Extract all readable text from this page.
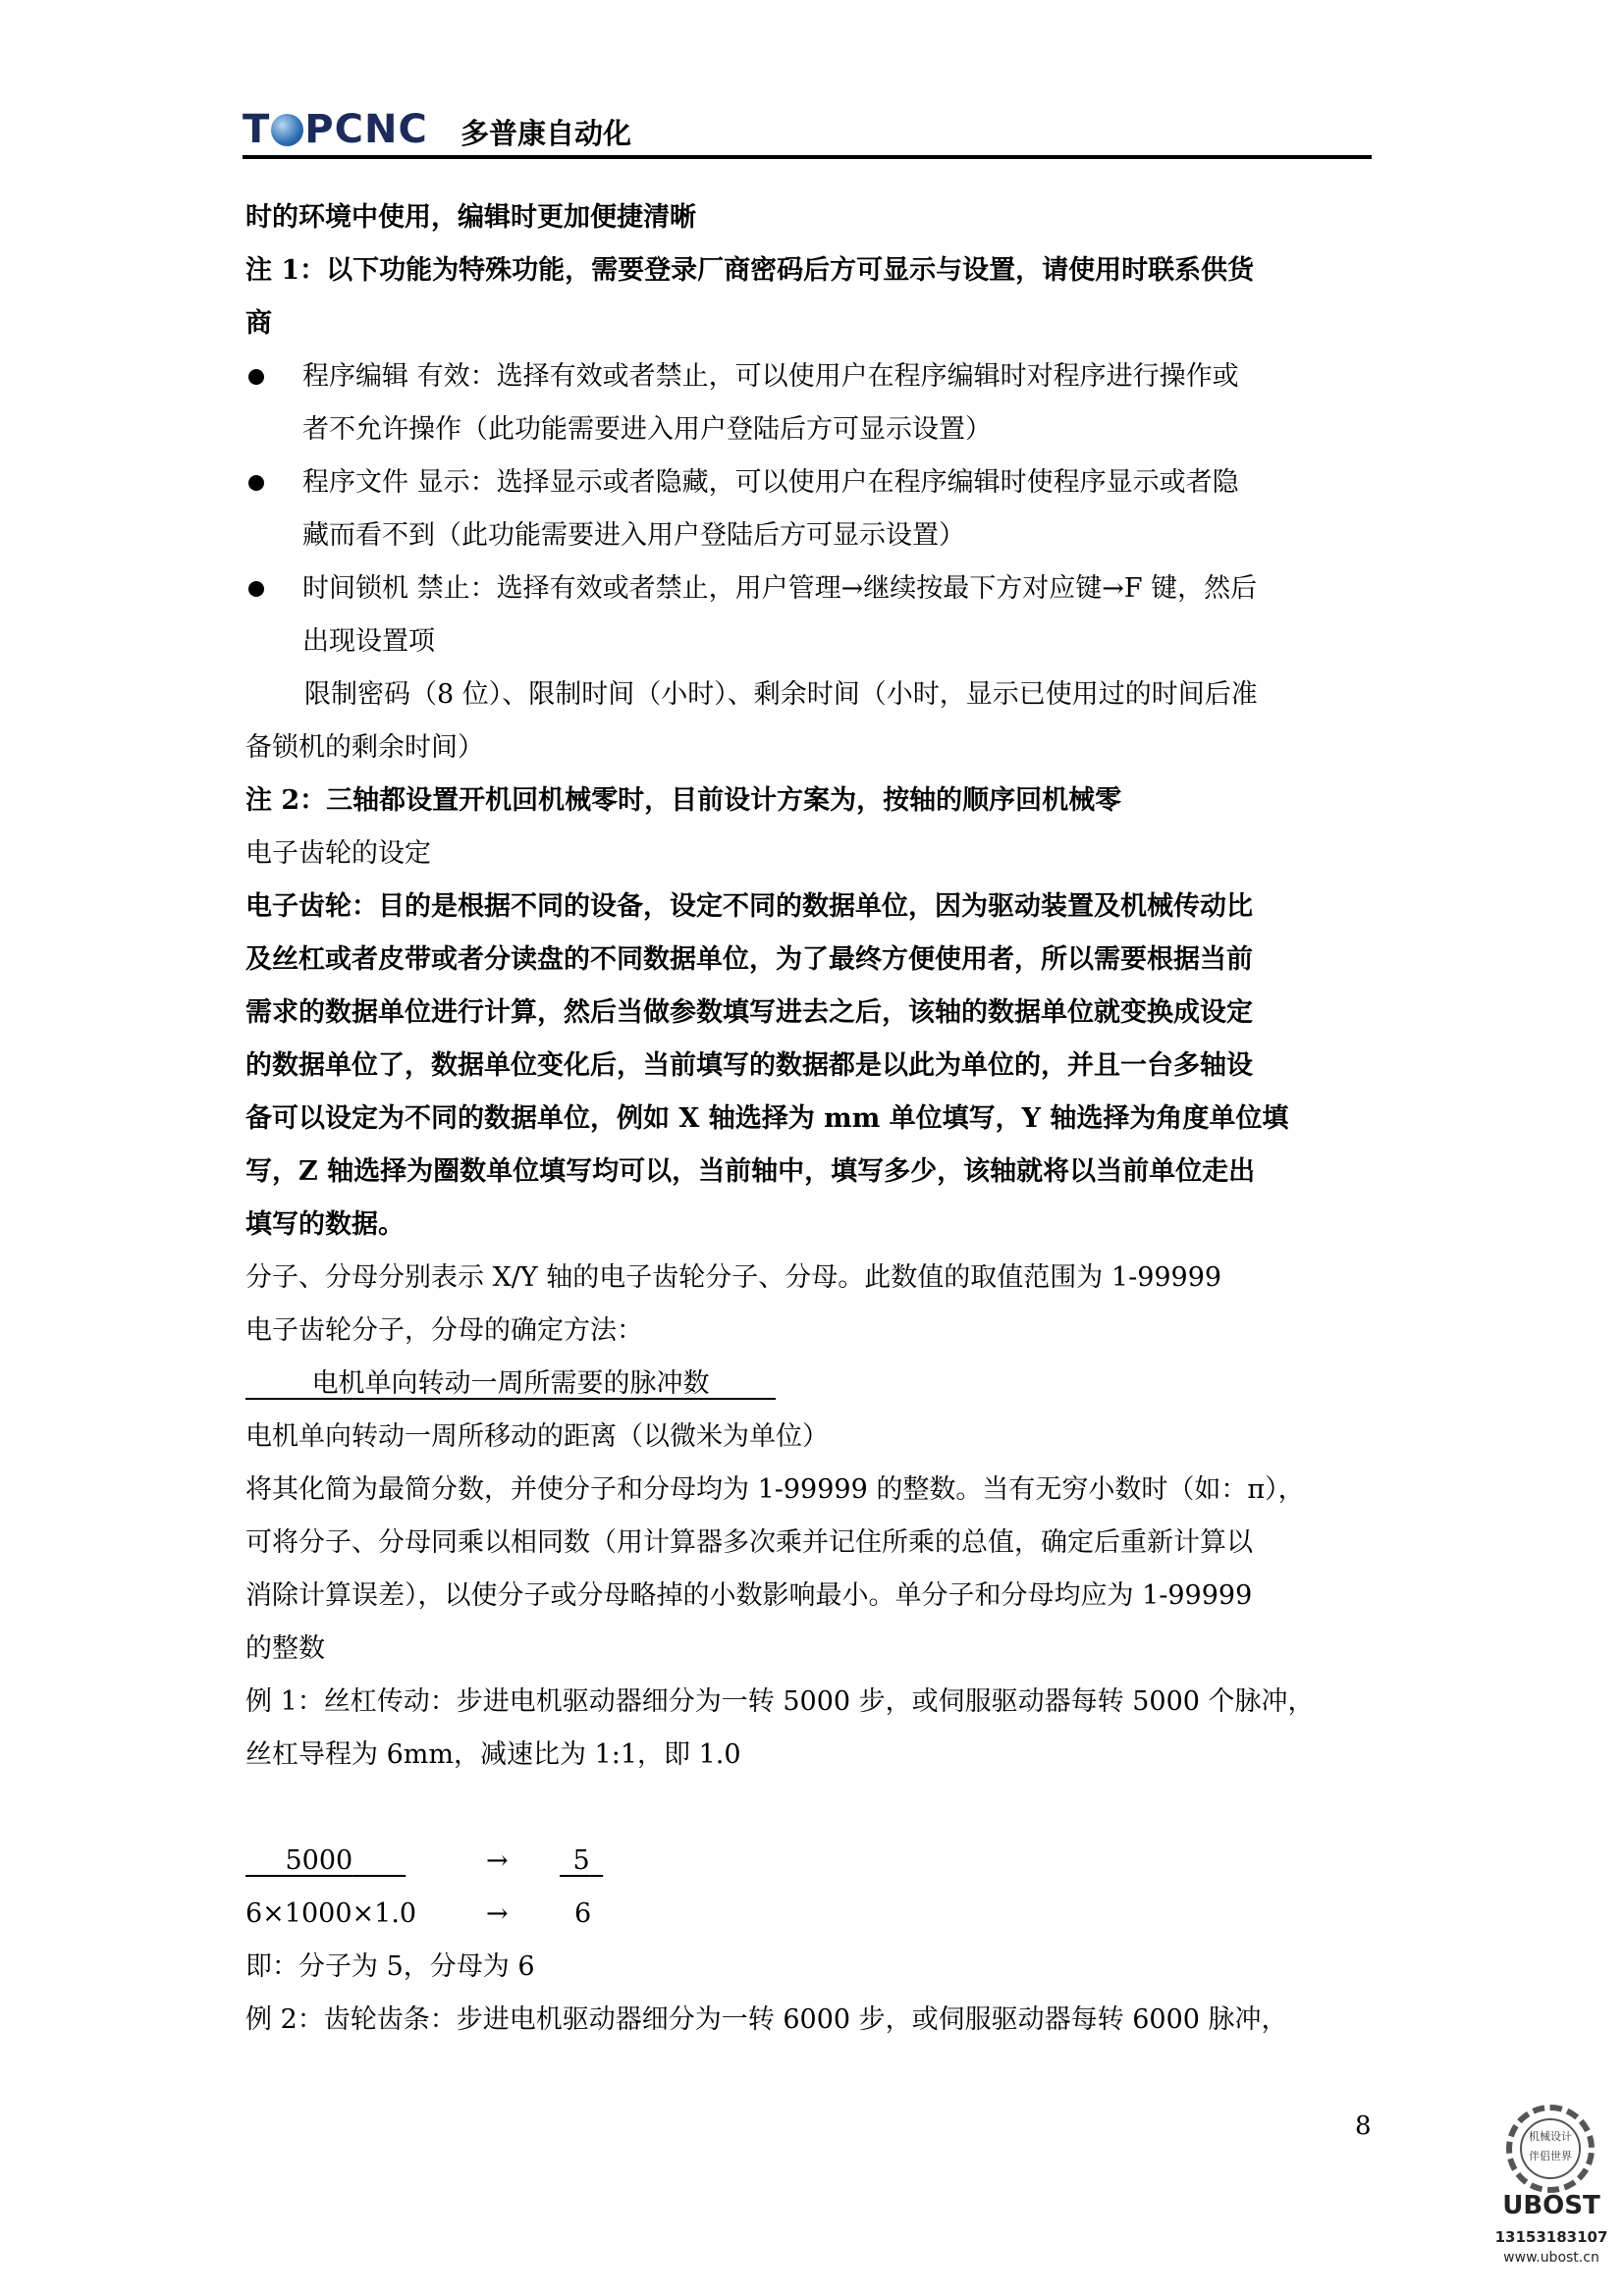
T PCNC 多普康自动化
时的环境中使用，编辑时更加便捷清晰
注 1：以下功能为特殊功能，需要登录厂商密码后方可显示与设置，请使用时联系供货
商
程序编辑 有效：选择有效或者禁止，可以使用户在程序编辑时对程序进行操作或
者不允许操作（此功能需要进入用户登陆后方可显示设置）
程序文件 显示：选择显示或者隐藏，可以使用户在程序编辑时使程序显示或者隐
藏而看不到（此功能需要进入用户登陆后方可显示设置）
时间锁机 禁止：选择有效或者禁止，用户管理→继续按最下方对应键→F 键，然后
出现设置项
限制密码（8 位）、限制时间（小时）、剩余时间（小时，显示已使用过的时间后准
备锁机的剩余时间）
注 2：三轴都设置开机回机械零时，目前设计方案为，按轴的顺序回机械零
电子齿轮的设定
电子齿轮：目的是根据不同的设备，设定不同的数据单位，因为驱动装置及机械传动比
及丝杠或者皮带或者分读盘的不同数据单位，为了最终方便使用者，所以需要根据当前
需求的数据单位进行计算，然后当做参数填写进去之后，该轴的数据单位就变换成设定
的数据单位了，数据单位变化后，当前填写的数据都是以此为单位的，并且一台多轴设
备可以设定为不同的数据单位，例如 X 轴选择为 mm 单位填写，Y 轴选择为角度单位填
写，Z 轴选择为圈数单位填写均可以，当前轴中，填写多少，该轴就将以当前单位走出
填写的数据。
分子、分母分别表示 X/Y 轴的电子齿轮分子、分母。此数值的取值范围为 1-99999
电子齿轮分子，分母的确定方法：
   电机单向转动一周所需要的脉冲数   
电机单向转动一周所移动的距离（以微米为单位）
将其化简为最简分数，并使分子和分母均为 1-99999 的整数。当有无穷小数时（如：π），
可将分子、分母同乘以相同数（用计算器多次乘并记住所乘的总值，确定后重新计算以
消除计算误差），以使分子或分母略掉的小数影响最小。单分子和分母均应为 1-99999
的整数
例 1：丝杠传动：步进电机驱动器细分为一转 5000 步，或伺服驱动器每转 5000 个脉冲，
丝杠导程为 6mm，减速比为 1:1，即 1.0
  5000  	→
 	5 
6×1000×1.0	→ 6
即：分子为 5，分母为 6
例 2：齿轮齿条：步进电机驱动器细分为一转 6000 步，或伺服驱动器每转 6000 脉冲，
8	机械设计
伴侣世界
UBOST
13153183107
www.ubost.cn
